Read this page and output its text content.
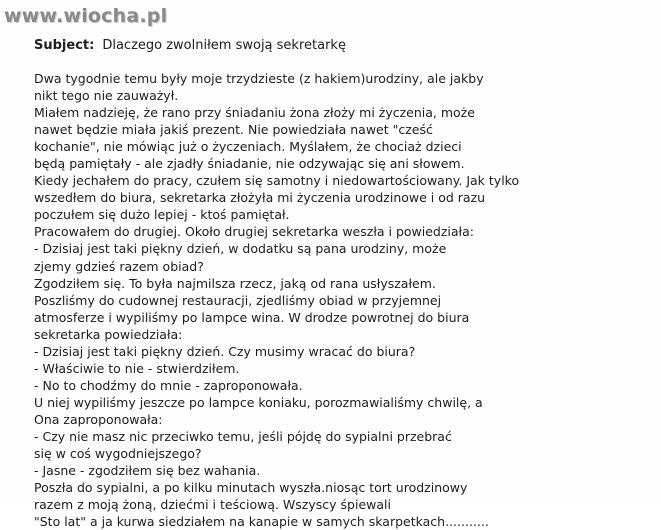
www.wiocha.pl
Subject: Dlaczego zwolniłem swoją sekretarkę
Dwa tygodnie temu były moje trzydzieste (z hakiem)urodziny, ale jakby
nikt tego nie zauważył.
Miałem nadzieję, że rano przy śniadaniu żona złoży mi życzenia, może
nawet będzie miała jakiś prezent. Nie powiedziała nawet "cześć
kochanie", nie mówiąc już o życzeniach. Myślałem, że chociaż dzieci
będą pamiętały - ale zjadły śniadanie, nie odzywając się ani słowem.
Kiedy jechałem do pracy, czułem się samotny i niedowartościowany. Jak tylko
wszedłem do biura, sekretarka złożyła mi życzenia urodzinowe i od razu
poczułem się dużo lepiej - ktoś pamiętał.
Pracowałem do drugiej. Około drugiej sekretarka weszła i powiedziała:
- Dzisiaj jest taki piękny dzień, w dodatku są pana urodziny, może
zjemy gdzieś razem obiad?
Zgodziłem się. To była najmilsza rzecz, jaką od rana usłyszałem.
Poszliśmy do cudownej restauracji, zjedliśmy obiad w przyjemnej
atmosferze i wypiliśmy po lampce wina. W drodze powrotnej do biura
sekretarka powiedziała:
- Dzisiaj jest taki piękny dzień. Czy musimy wracać do biura?
- Właściwie to nie - stwierdziłem.
- No to chodźmy do mnie - zaproponowała.
U niej wypiliśmy jeszcze po lampce koniaku, porozmawialiśmy chwilę, a
Ona zaproponowała:
- Czy nie masz nic przeciwko temu, jeśli pójdę do sypialni przebrać
się w coś wygodniejszego?
- Jasne - zgodziłem się bez wahania.
Poszła do sypialni, a po kilku minutach wyszła.niosąc tort urodzinowy
razem z moją żoną, dziećmi i teściową. Wszyscy śpiewali
"Sto lat" a ja kurwa siedziałem na kanapie w samych skarpetkach...........
